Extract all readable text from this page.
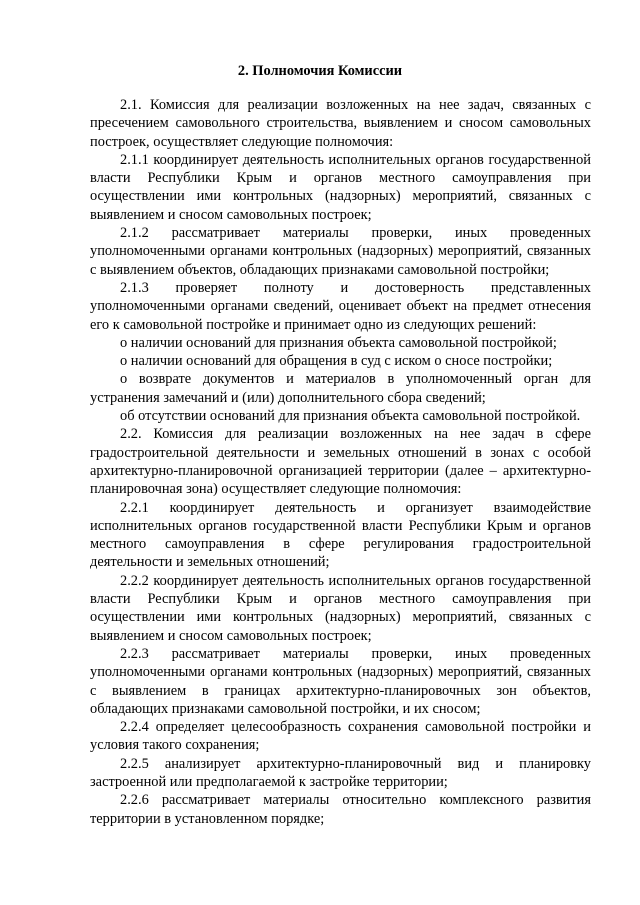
2. Полномочия Комиссии

2.1. Комиссия для реализации возложенных на нее задач, связанных с пресечением самовольного строительства, выявлением и сносом самовольных построек, осуществляет следующие полномочия:

2.1.1 координирует деятельность исполнительных органов государственной власти Республики Крым и органов местного самоуправления при осуществлении ими контрольных (надзорных) мероприятий, связанных с выявлением и сносом самовольных построек;

2.1.2 рассматривает материалы проверки, иных проведенных уполномоченными органами контрольных (надзорных) мероприятий, связанных с выявлением объектов, обладающих признаками самовольной постройки;

2.1.3 проверяет полноту и достоверность представленных уполномоченными органами сведений, оценивает объект на предмет отнесения его к самовольной постройке и принимает одно из следующих решений:

о наличии оснований для признания объекта самовольной постройкой;

о наличии оснований для обращения в суд с иском о сносе постройки;

о возврате документов и материалов в уполномоченный орган для устранения замечаний и (или) дополнительного сбора сведений;

об отсутствии оснований для признания объекта самовольной постройкой.

2.2. Комиссия для реализации возложенных на нее задач в сфере градостроительной деятельности и земельных отношений в зонах с особой архитектурно-планировочной организацией территории (далее – архитектурно-планировочная зона) осуществляет следующие полномочия:

2.2.1 координирует деятельность и организует взаимодействие исполнительных органов государственной власти Республики Крым и органов местного самоуправления в сфере регулирования градостроительной деятельности и земельных отношений;

2.2.2 координирует деятельность исполнительных органов государственной власти Республики Крым и органов местного самоуправления при осуществлении ими контрольных (надзорных) мероприятий, связанных с выявлением и сносом самовольных построек;

2.2.3 рассматривает материалы проверки, иных проведенных уполномоченными органами контрольных (надзорных) мероприятий, связанных с выявлением в границах архитектурно-планировочных зон объектов, обладающих признаками самовольной постройки, и их сносом;

2.2.4 определяет целесообразность сохранения самовольной постройки и условия такого сохранения;

2.2.5 анализирует архитектурно-планировочный вид и планировку застроенной или предполагаемой к застройке территории;

2.2.6 рассматривает материалы относительно комплексного развития территории в установленном порядке;
